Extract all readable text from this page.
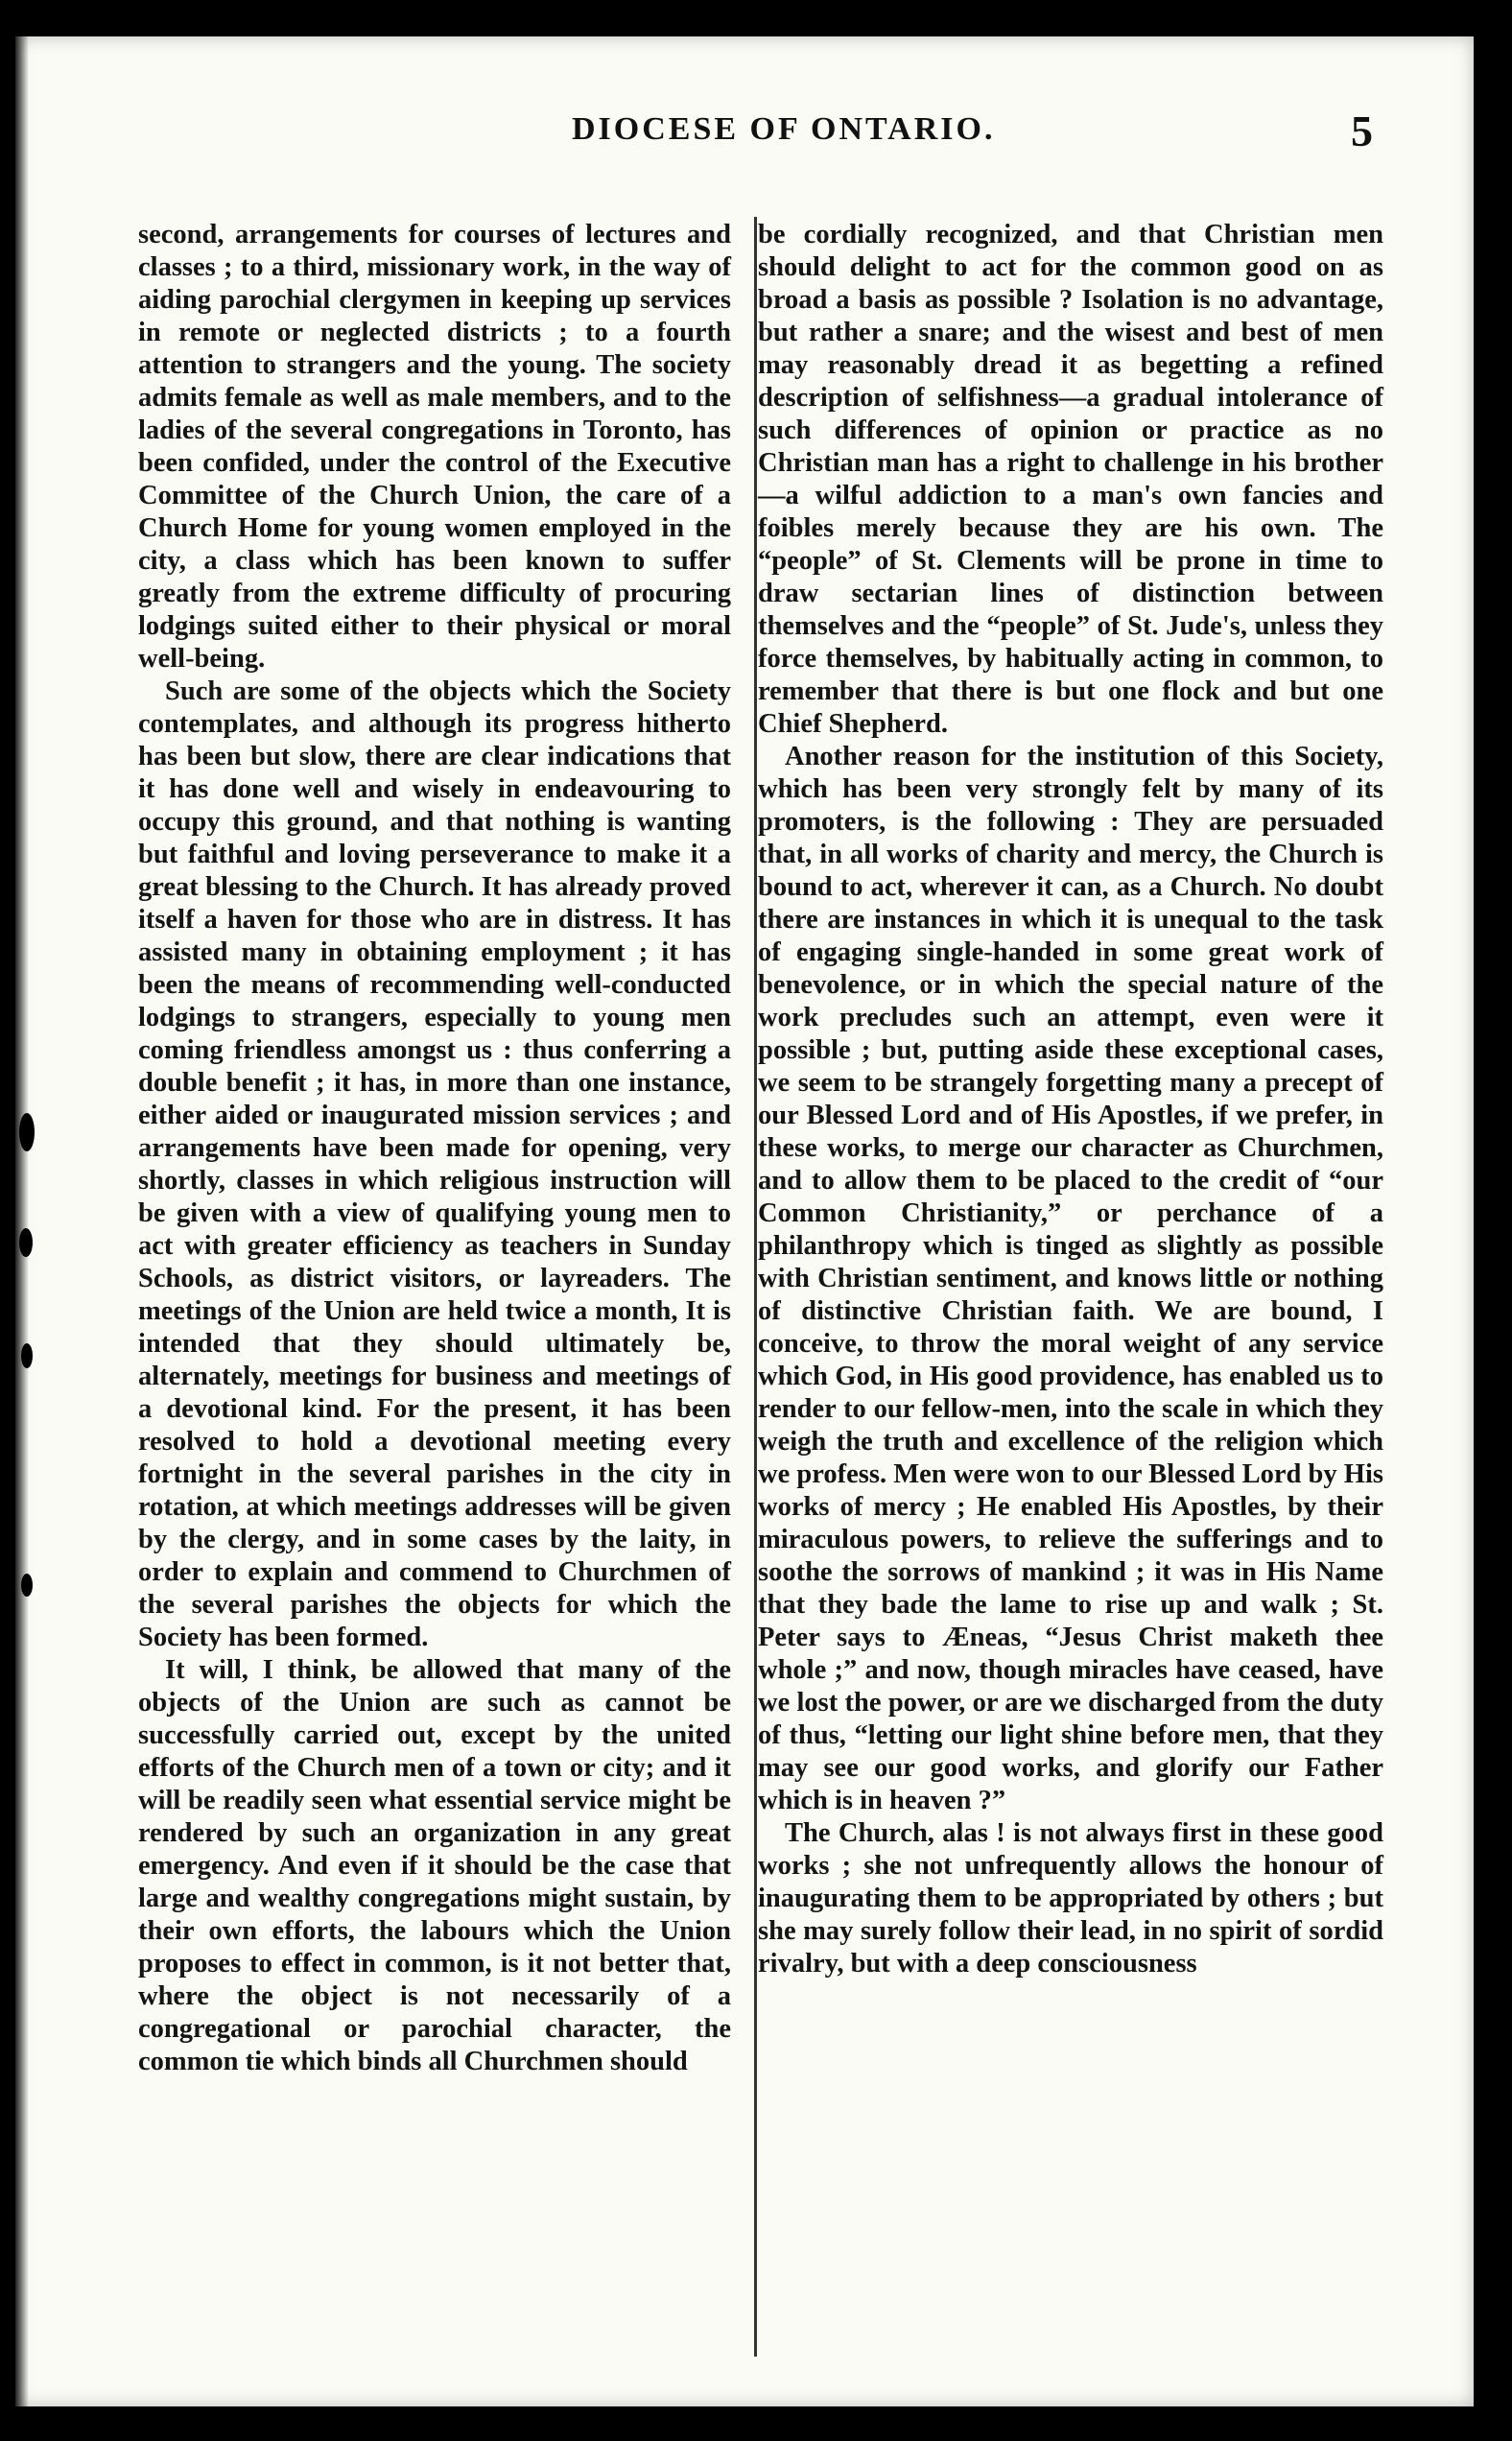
DIOCESE OF ONTARIO.	5

second, arrangements for courses of lectures and classes ; to a third, missionary work, in the way of aiding parochial clergymen in keeping up services in remote or neglected districts ; to a fourth attention to strangers and the young. The society admits female as well as male members, and to the ladies of the several congregations in Toronto, has been confided, under the control of the Executive Committee of the Church Union, the care of a Church Home for young women employed in the city, a class which has been known to suffer greatly from the extreme difficulty of procuring lodgings suited either to their physical or moral well-being.

Such are some of the objects which the Society contemplates, and although its progress hitherto has been but slow, there are clear indications that it has done well and wisely in endeavouring to occupy this ground, and that nothing is wanting but faithful and loving perseverance to make it a great blessing to the Church. It has already proved itself a haven for those who are in distress. It has assisted many in obtaining employment ; it has been the means of recommending well-conducted lodgings to strangers, especially to young men coming friendless amongst us : thus conferring a double benefit ; it has, in more than one instance, either aided or inaugurated mission services ; and arrangements have been made for opening, very shortly, classes in which religious instruction will be given with a view of qualifying young men to act with greater efficiency as teachers in Sunday Schools, as district visitors, or layreaders. The meetings of the Union are held twice a month, It is intended that they should ultimately be, alternately, meetings for business and meetings of a devotional kind. For the present, it has been resolved to hold a devotional meeting every fortnight in the several parishes in the city in rotation, at which meetings addresses will be given by the clergy, and in some cases by the laity, in order to explain and commend to Churchmen of the several parishes the objects for which the Society has been formed.

It will, I think, be allowed that many of the objects of the Union are such as cannot be successfully carried out, except by the united efforts of the Church men of a town or city; and it will be readily seen what essential service might be rendered by such an organization in any great emergency. And even if it should be the case that large and wealthy congregations might sustain, by their own efforts, the labours which the Union proposes to effect in common, is it not better that, where the object is not necessarily of a congregational or parochial character, the common tie which binds all Churchmen should

be cordially recognized, and that Christian men should delight to act for the common good on as broad a basis as possible ? Isolation is no advantage, but rather a snare; and the wisest and best of men may reasonably dread it as begetting a refined description of selfishness—a gradual intolerance of such differences of opinion or practice as no Christian man has a right to challenge in his brother —a wilful addiction to a man's own fancies and foibles merely because they are his own. The “people” of St. Clements will be prone in time to draw sectarian lines of distinction between themselves and the “people” of St. Jude's, unless they force themselves, by habitually acting in common, to remember that there is but one flock and but one Chief Shepherd.

Another reason for the institution of this Society, which has been very strongly felt by many of its promoters, is the following : They are persuaded that, in all works of charity and mercy, the Church is bound to act, wherever it can, as a Church. No doubt there are instances in which it is unequal to the task of engaging single-handed in some great work of benevolence, or in which the special nature of the work precludes such an attempt, even were it possible ; but, putting aside these exceptional cases, we seem to be strangely forgetting many a precept of our Blessed Lord and of His Apostles, if we prefer, in these works, to merge our character as Churchmen, and to allow them to be placed to the credit of “our Common Christianity,” or perchance of a philanthropy which is tinged as slightly as possible with Christian sentiment, and knows little or nothing of distinctive Christian faith. We are bound, I conceive, to throw the moral weight of any service which God, in His good providence, has enabled us to render to our fellow-men, into the scale in which they weigh the truth and excellence of the religion which we profess. Men were won to our Blessed Lord by His works of mercy ; He enabled His Apostles, by their miraculous powers, to relieve the sufferings and to soothe the sorrows of mankind ; it was in His Name that they bade the lame to rise up and walk ; St. Peter says to Æneas, “Jesus Christ maketh thee whole ;” and now, though miracles have ceased, have we lost the power, or are we discharged from the duty of thus, “letting our light shine before men, that they may see our good works, and glorify our Father which is in heaven ?”

The Church, alas ! is not always first in these good works ; she not unfrequently allows the honour of inaugurating them to be appropriated by others ; but she may surely follow their lead, in no spirit of sordid rivalry, but with a deep consciousness
